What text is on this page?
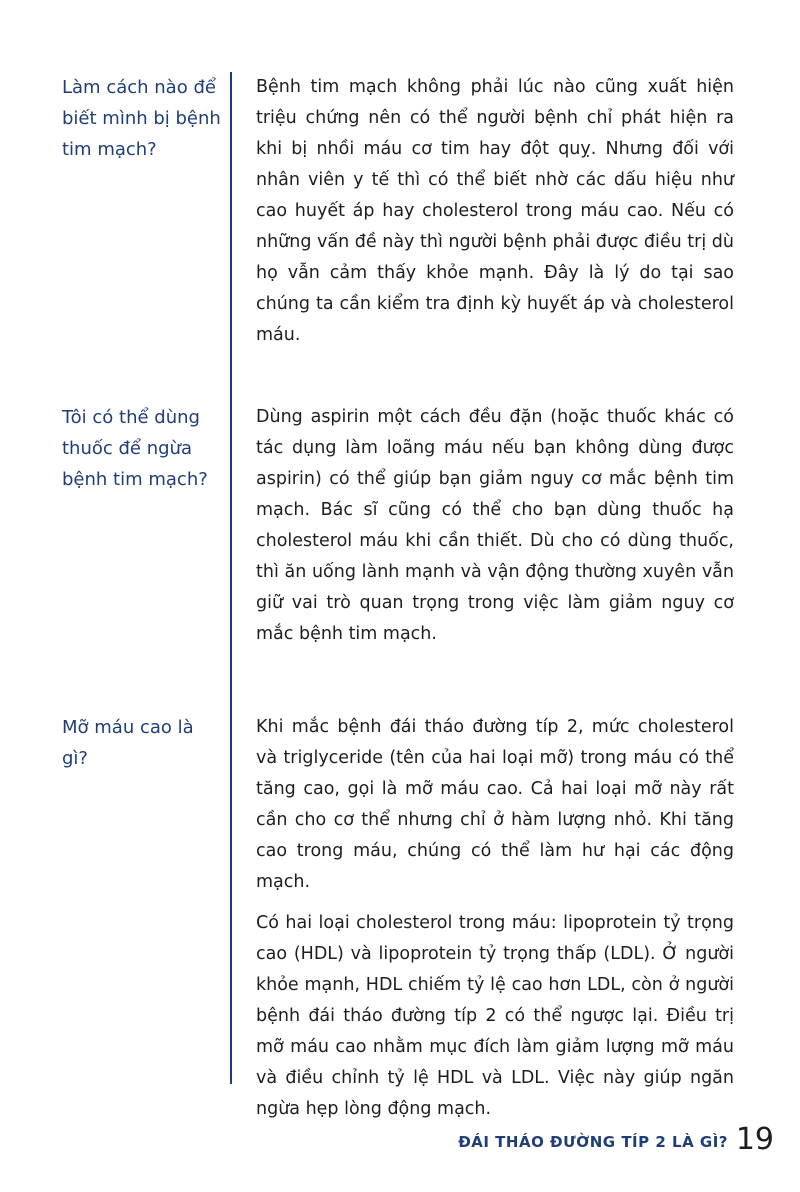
Làm cách nào để biết mình bị bệnh tim mạch?

Bệnh tim mạch không phải lúc nào cũng xuất hiện triệu chứng nên có thể người bệnh chỉ phát hiện ra khi bị nhồi máu cơ tim hay đột quỵ. Nhưng đối với nhân viên y tế thì có thể biết nhờ các dấu hiệu như cao huyết áp hay cholesterol trong máu cao. Nếu có những vấn đề này thì người bệnh phải được điều trị dù họ vẫn cảm thấy khỏe mạnh. Đây là lý do tại sao chúng ta cần kiểm tra định kỳ huyết áp và cholesterol máu.

Tôi có thể dùng thuốc để ngừa bệnh tim mạch?

Dùng aspirin một cách đều đặn (hoặc thuốc khác có tác dụng làm loãng máu nếu bạn không dùng được aspirin) có thể giúp bạn giảm nguy cơ mắc bệnh tim mạch. Bác sĩ cũng có thể cho bạn dùng thuốc hạ cholesterol máu khi cần thiết. Dù cho có dùng thuốc, thì ăn uống lành mạnh và vận động thường xuyên vẫn giữ vai trò quan trọng trong việc làm giảm nguy cơ mắc bệnh tim mạch.

Mỡ máu cao là gì?

Khi mắc bệnh đái tháo đường típ 2, mức cholesterol và triglyceride (tên của hai loại mỡ) trong máu có thể tăng cao, gọi là mỡ máu cao. Cả hai loại mỡ này rất cần cho cơ thể nhưng chỉ ở hàm lượng nhỏ. Khi tăng cao trong máu, chúng có thể làm hư hại các động mạch.

Có hai loại cholesterol trong máu: lipoprotein tỷ trọng cao (HDL) và lipoprotein tỷ trọng thấp (LDL). Ở người khỏe mạnh, HDL chiếm tỷ lệ cao hơn LDL, còn ở người bệnh đái tháo đường típ 2 có thể ngược lại. Điều trị mỡ máu cao nhằm mục đích làm giảm lượng mỡ máu và điều chỉnh tỷ lệ HDL và LDL. Việc này giúp ngăn ngừa hẹp lòng động mạch.

ĐÁI THÁO ĐƯỜNG TÍP 2 LÀ GÌ? 19
